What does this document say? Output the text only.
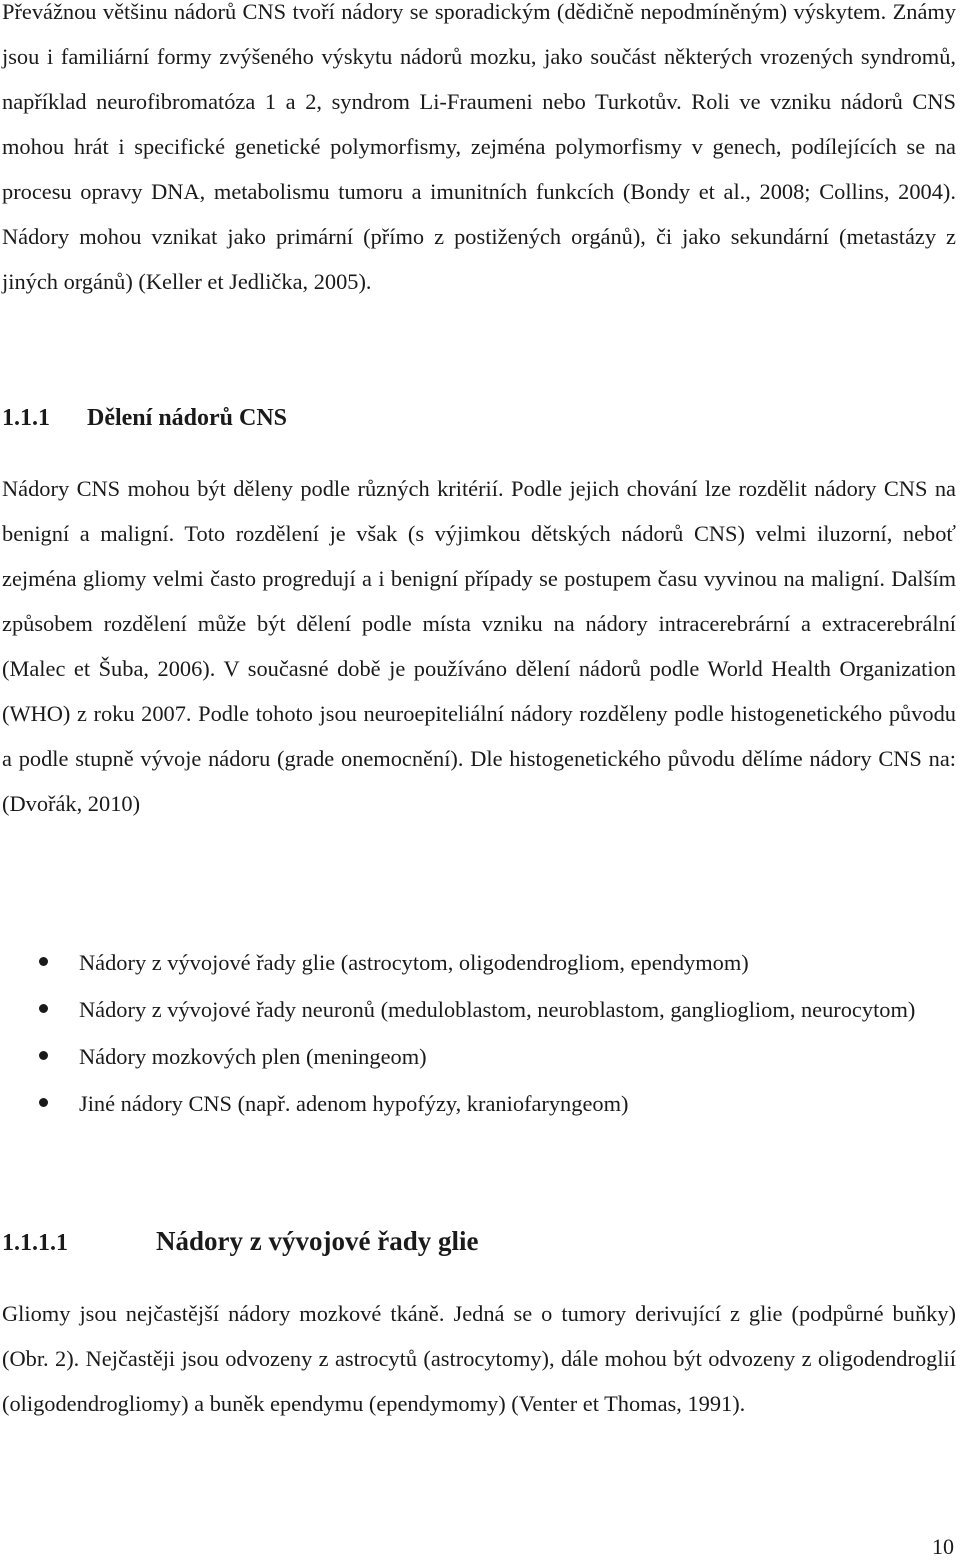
Převážnou většinu nádorů CNS tvoří nádory se sporadickým (dědičně nepodmíněným) výskytem. Známy jsou i familiární formy zvýšeného výskytu nádorů mozku, jako součást některých vrozených syndromů, například neurofibromatóza 1 a 2, syndrom Li-Fraumeni nebo Turkotův. Roli ve vzniku nádorů CNS mohou hrát i specifické genetické polymorfismy, zejména polymorfismy v genech, podílejících se na procesu opravy DNA, metabolismu tumoru a imunitních funkcích (Bondy et al., 2008; Collins, 2004). Nádory mohou vznikat jako primární (přímo z postižených orgánů), či jako sekundární (metastázy z jiných orgánů) (Keller et Jedlička, 2005).

1.1.1 Dělení nádorů CNS

Nádory CNS mohou být děleny podle různých kritérií. Podle jejich chování lze rozdělit nádory CNS na benigní a maligní. Toto rozdělení je však (s výjimkou dětských nádorů CNS) velmi iluzorní, neboť zejména gliomy velmi často progredují a i benigní případy se postupem času vyvinou na maligní. Dalším způsobem rozdělení může být dělení podle místa vzniku na nádory intracerebrární a extracerebrální (Malec et Šuba, 2006). V současné době je používáno dělení nádorů podle World Health Organization (WHO) z roku 2007. Podle tohoto jsou neuroepiteliální nádory rozděleny podle histogenetického původu a podle stupně vývoje nádoru (grade onemocnění). Dle histogenetického původu dělíme nádory CNS na: (Dvořák, 2010)

Nádory z vývojové řady glie (astrocytom, oligodendrogliom, ependymom)
Nádory z vývojové řady neuronů (meduloblastom, neuroblastom, gangliogliom, neurocytom)
Nádory mozkových plen (meningeom)
Jiné nádory CNS (např. adenom hypofýzy, kraniofaryngeom)
1.1.1.1	Nádory z vývojové řady glie

Gliomy jsou nejčastější nádory mozkové tkáně. Jedná se o tumory derivující z glie (podpůrné buňky) (Obr. 2). Nejčastěji jsou odvozeny z astrocytů (astrocytomy), dále mohou být odvozeny z oligodendroglií (oligodendrogliomy) a buněk ependymu (ependymomy) (Venter et Thomas, 1991).

10
